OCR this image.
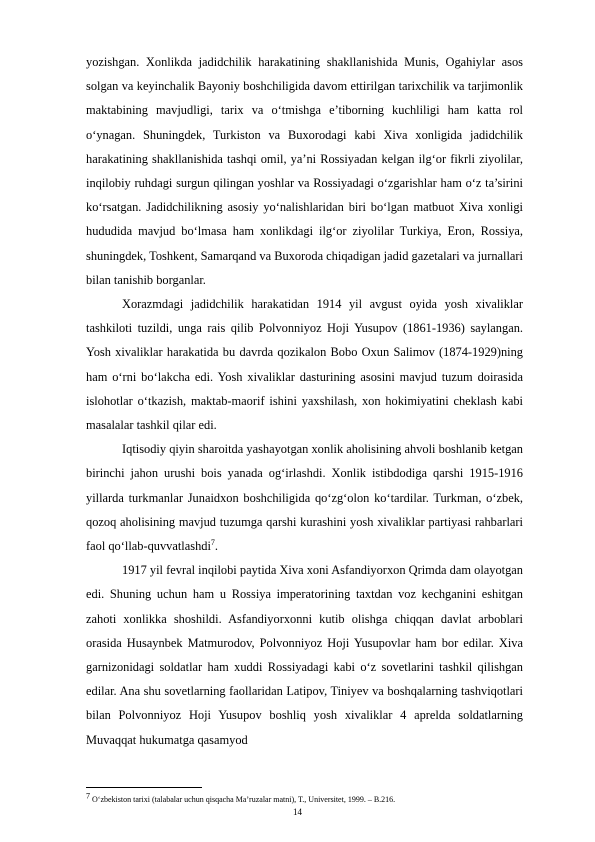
yozishgan. Xonlikda jadidchilik harakatining shakllanishida Munis, Ogahiylar asos solgan va keyinchalik Bayoniy boshchiligida davom ettirilgan tarixchilik va tarjimonlik maktabining mavjudligi, tarix va o‘tmishga e’tiborning kuchliligi ham katta rol o‘ynagan. Shuningdek, Turkiston va Buxorodagi kabi Xiva xonligida jadidchilik harakatining shakllanishida tashqi omil, ya’ni Rossiyadan kelgan ilg‘or fikrli ziyolilar, inqilobiy ruhdagi surgun qilingan yoshlar va Rossiyadagi o‘zgarishlar ham o‘z ta’sirini ko‘rsatgan. Jadidchilikning asosiy yo‘nalishlaridan biri bo‘lgan matbuot Xiva xonligi hududida mavjud bo‘lmasa ham xonlikdagi ilg‘or ziyolilar Turkiya, Eron, Rossiya, shuningdek, Toshkent, Samarqand va Buxoroda chiqadigan jadid gazetalari va jurnallari bilan tanishib borganlar.

Xorazmdagi jadidchilik harakatidan 1914 yil avgust oyida yosh xivaliklar tashkiloti tuzildi, unga rais qilib Polvonniyoz Hoji Yusupov (1861-1936) saylangan. Yosh xivaliklar harakatida bu davrda qozikalon Bobo Oxun Salimov (1874-1929)ning ham o‘rni bo‘lakcha edi. Yosh xivaliklar dasturining asosini mavjud tuzum doirasida islohotlar o‘tkazish, maktab-maorif ishini yaxshilash, xon hokimiyatini cheklash kabi masalalar tashkil qilar edi.

Iqtisodiy qiyin sharoitda yashayotgan xonlik aholisining ahvoli boshlanib ketgan birinchi jahon urushi bois yanada og‘irlashdi. Xonlik istibdodiga qarshi 1915-1916 yillarda turkmanlar Junaidxon boshchiligida qo‘zg‘olon ko‘tardilar. Turkman, o‘zbek, qozoq aholisining mavjud tuzumga qarshi kurashini yosh xivaliklar partiyasi rahbarlari faol qo‘llab-quvvatlashdi$^7$.

1917 yil fevral inqilobi paytida Xiva xoni Asfandiyorxon Qrimda dam olayotgan edi. Shuning uchun ham u Rossiya imperatorining taxtdan voz kechganini eshitgan zahoti xonlikka shoshildi. Asfandiyorxonni kutib olishga chiqqan davlat arboblari orasida Husaynbek Matmurodov, Polvonniyoz Hoji Yusupovlar ham bor edilar. Xiva garnizonidagi soldatlar ham xuddi Rossiyadagi kabi o‘z sovetlarini tashkil qilishgan edilar. Ana shu sovetlarning faollaridan Latipov, Tiniyev va boshqalarning tashviqotlari bilan Polvonniyoz Hoji Yusupov boshliq yosh xivaliklar 4 aprelda soldatlarning Muvaqqat hukumatga qasamyod

$^7$ O‘zbekiston tarixi (talabalar uchun qisqacha Ma’ruzalar matni), T., Universitet, 1999. – B.216.
14
